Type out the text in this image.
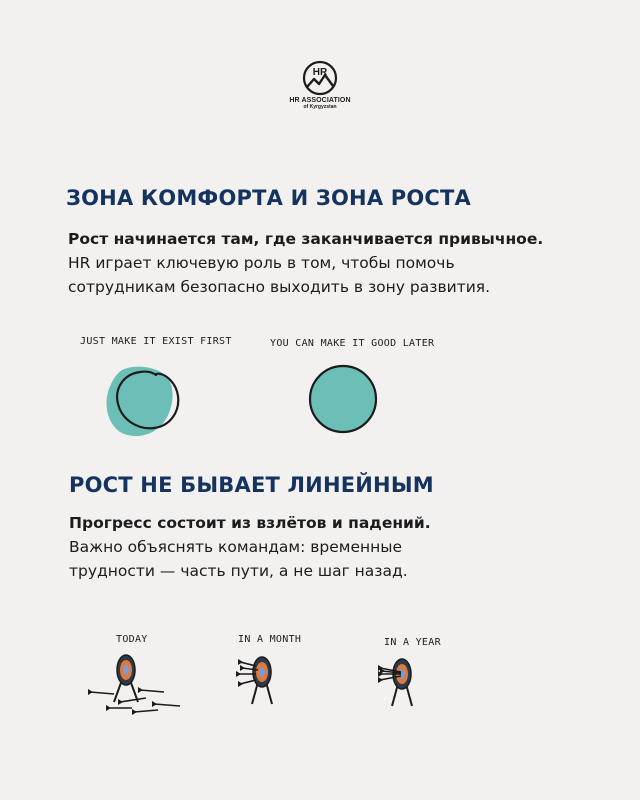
HR
HR ASSOCIATION
of Kyrgyzstan
ЗОНА КОМФОРТА И ЗОНА РОСТА
Рост начинается там, где заканчивается привычное.
HR играет ключевую роль в том, чтобы помочь
сотрудникам безопасно выходить в зону развития.
JUST MAKE IT EXIST FIRST	YOU CAN MAKE IT GOOD LATER
РОСТ НЕ БЫВАЕТ ЛИНЕЙНЫМ
Прогресс состоит из взлётов и падений.
Важно объяснять командам: временные
трудности — часть пути, а не шаг назад.
TODAY	IN A MONTH	IN A YEAR
